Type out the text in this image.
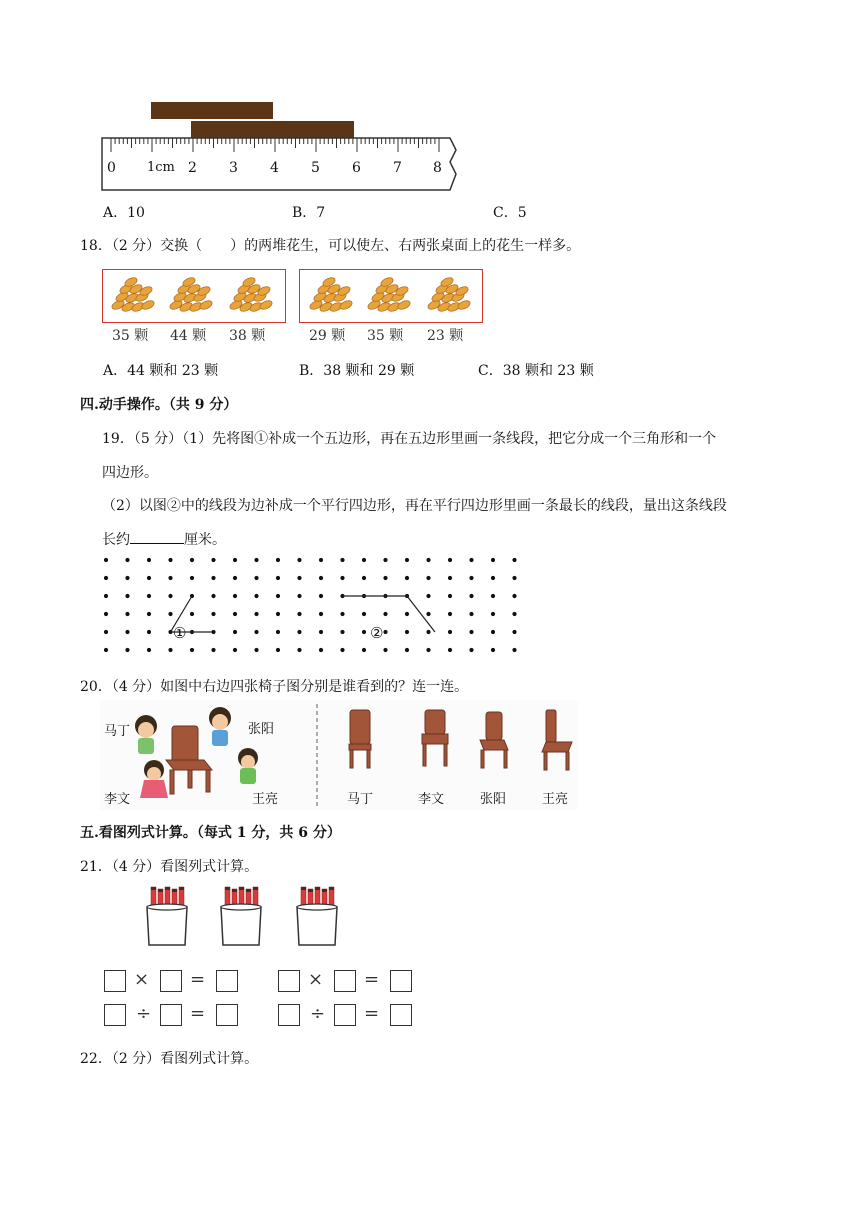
0 1cm 2 3 4 5 6 7 8
A．10	B．7	C．5
18．（2 分）交换（　　）的两堆花生，可以使左、右两张桌面上的花生一样多。
35 颗 44 颗 38 颗	29 颗 35 颗 23 颗
A．44 颗和 23 颗	B．38 颗和 29 颗	C．38 颗和 23 颗
四.动手操作。（共 9 分）
19．（5 分）（1）先将图①补成一个五边形，再在五边形里画一条线段，把它分成一个三角形和一个
四边形。
（2）以图②中的线段为边补成一个平行四边形，再在平行四边形里画一条最长的线段，量出这条线段
长约	厘米。
①	②
20．（4 分）如图中右边四张椅子图分别是谁看到的？连一连。
马丁	张阳
李文	王亮	马丁	李文	张阳	王亮
五.看图列式计算。（每式 1 分，共 6 分）
21．（4 分）看图列式计算。
× =
÷ =
× =
÷ =
22．（2 分）看图列式计算。
